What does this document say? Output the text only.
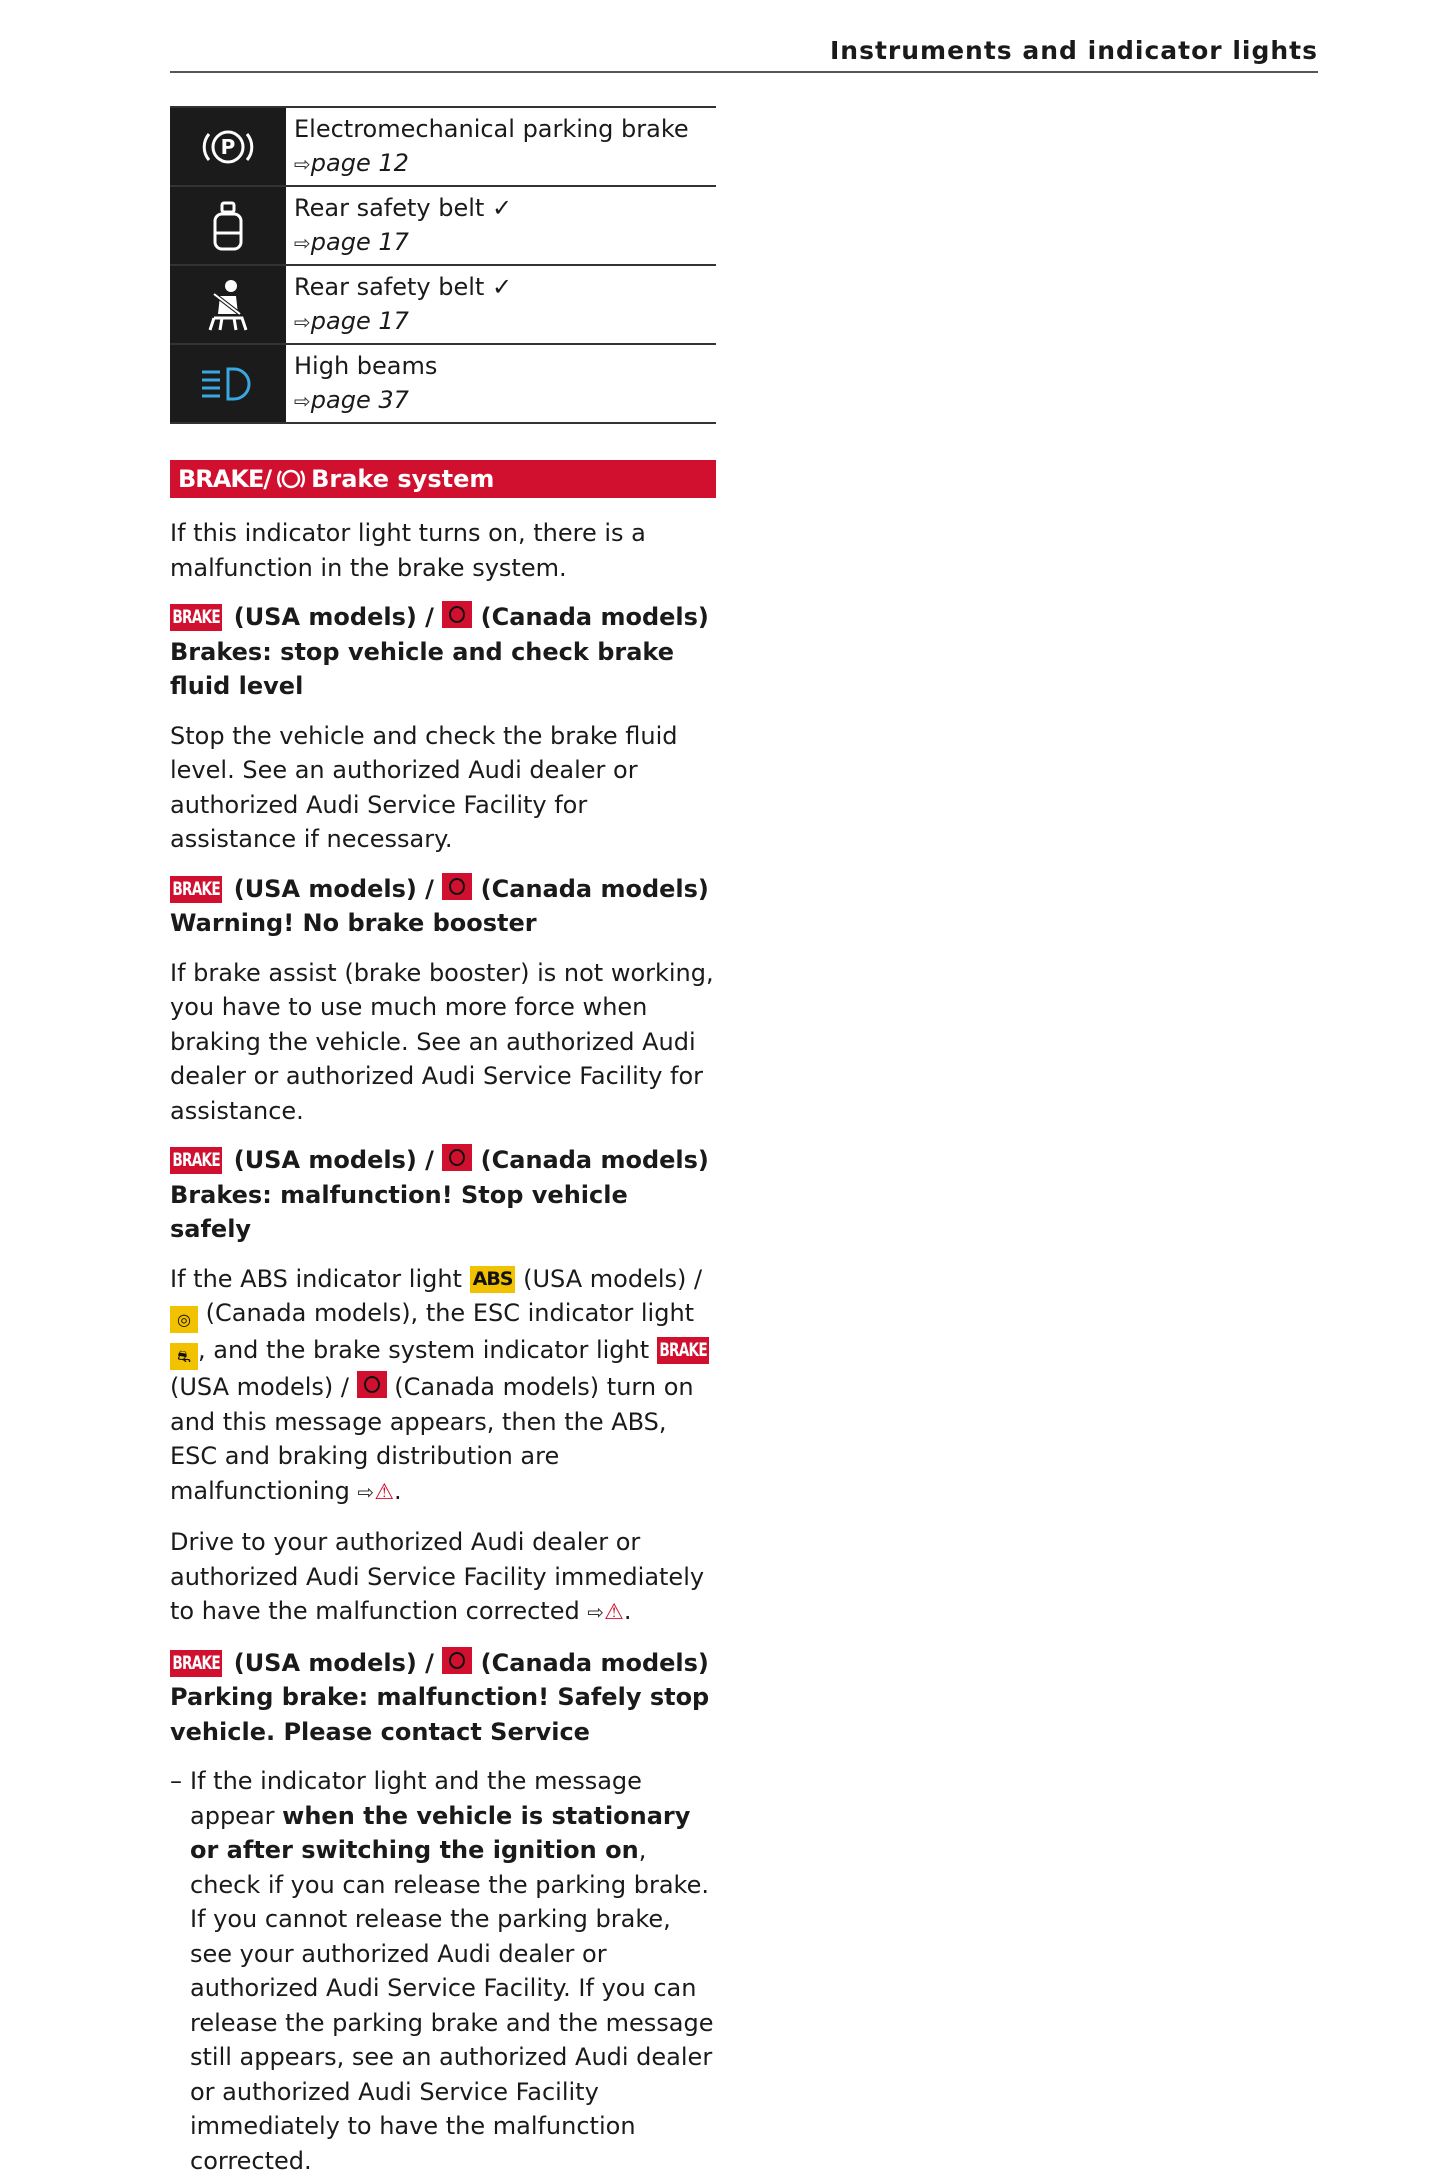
Instruments and indicator lights
P
Electromechanical parking brake
⇨page 12
Rear safety belt ✓
⇨page 17
Rear safety belt ✓
⇨page 17
High beams
⇨page 37
BRAKE/ Brake system

If this indicator light turns on, there is a malfunction in the brake system.

BRAKE (USA models) / (Canada models)
Brakes: stop vehicle and check brake fluid level

Stop the vehicle and check the brake fluid level. See an authorized Audi dealer or authorized Audi Service Facility for assistance if necessary.

BRAKE (USA models) / (Canada models)
Warning! No brake booster

If brake assist (brake booster) is not working, you have to use much more force when braking the vehicle. See an authorized Audi dealer or authorized Audi Service Facility for assistance.

BRAKE (USA models) / (Canada models)
Brakes: malfunction! Stop vehicle safely

If the ABS indicator light ABS (USA models) / ◎ (Canada models), the ESC indicator light ⛐ , and the brake system indicator light BRAKE (USA models) / (Canada models) turn on and this message appears, then the ABS, ESC and braking distribution are malfunctioning ⇨⚠.

Drive to your authorized Audi dealer or authorized Audi Service Facility immediately to have the malfunction corrected ⇨⚠.

BRAKE (USA models) / (Canada models) Parking brake: malfunction! Safely stop vehicle. Please contact Service

– If the indicator light and the message appear when the vehicle is stationary or after switching the ignition on, check if you can release the parking brake. If you cannot release the parking brake, see your authorized Audi dealer or authorized Audi Service Facility. If you can release the parking brake and the message still appears, see an authorized Audi dealer or authorized Audi Service Facility immediately to have the malfunction corrected.
